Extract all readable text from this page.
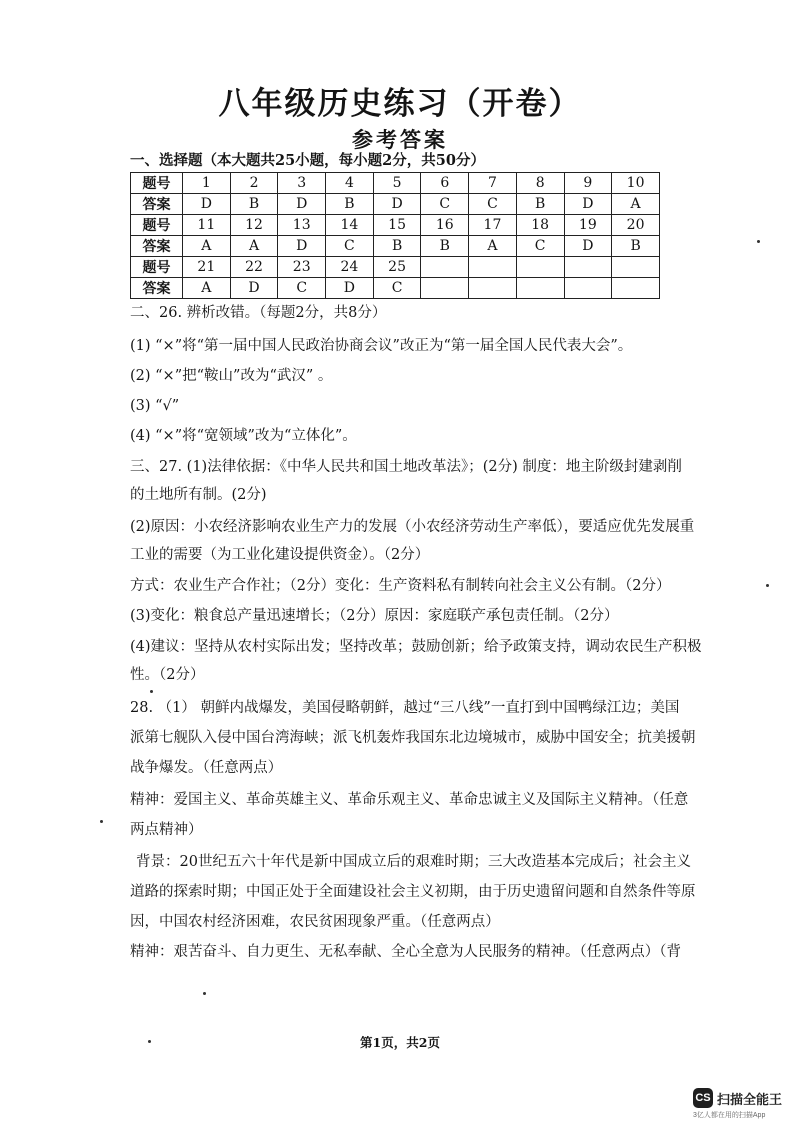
八年级历史练习（开卷）
参考答案
一、选择题（本大题共25小题，每小题2分，共50分）
题号	1	2	3	4	5	6	7	8	9	10
答案	D	B	D	B	D	C	C	B	D	A
题号	11	12	13	14	15	16	17	18	19	20
答案	A	A	D	C	B	B	A	C	D	B
题号	21	22	23	24	25					
答案	A	D	C	D	C					
二、26. 辨析改错。（每题2分，共8分）
(1) “×”将“第一届中国人民政治协商会议”改正为“第一届全国人民代表大会”。
(2) “×”把“鞍山”改为“武汉” 。
(3) “√”
(4) “×”将“宽领域”改为“立体化”。
三、27. (1)法律依据：《中华人民共和国土地改革法》；(2分) 制度：地主阶级封建剥削
的土地所有制。(2分)
(2)原因：小农经济影响农业生产力的发展（小农经济劳动生产率低），要适应优先发展重
工业的需要（为工业化建设提供资金）。（2分）
方式：农业生产合作社；（2分）变化：生产资料私有制转向社会主义公有制。（2分）
(3)变化：粮食总产量迅速增长；（2分）原因：家庭联产承包责任制。（2分）
(4)建议：坚持从农村实际出发；坚持改革；鼓励创新；给予政策支持，调动农民生产积极
性。（2分）
28. （1） 朝鲜内战爆发，美国侵略朝鲜，越过“三八线”一直打到中国鸭绿江边；美国
派第七舰队入侵中国台湾海峡；派飞机轰炸我国东北边境城市，威胁中国安全；抗美援朝
战争爆发。（任意两点）
精神：爱国主义、革命英雄主义、革命乐观主义、革命忠诚主义及国际主义精神。（任意
两点精神）
背景：20世纪五六十年代是新中国成立后的艰难时期；三大改造基本完成后；社会主义
道路的探索时期；中国正处于全面建设社会主义初期，由于历史遗留问题和自然条件等原
因，中国农村经济困难，农民贫困现象严重。（任意两点）
精神：艰苦奋斗、自力更生、无私奉献、全心全意为人民服务的精神。（任意两点）（背
第1页，共2页
CS 扫描全能王
3亿人都在用的扫描App
